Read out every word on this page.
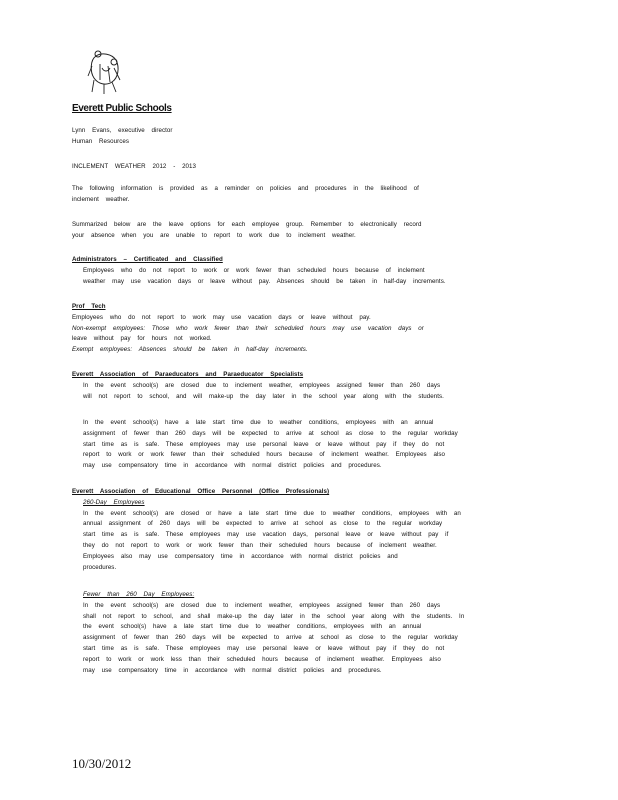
Everett Public Schools
Lynn Evans, executive director
Human Resources
INCLEMENT WEATHER 2012 - 2013
The following information is provided as a reminder on policies and procedures in the likelihood of
inclement weather.
Summarized below are the leave options for each employee group. Remember to electronically record
your absence when you are unable to report to work due to inclement weather.
Administrators – Certificated and Classified
Employees who do not report to work or work fewer than scheduled hours because of inclement
weather may use vacation days or leave without pay. Absences should be taken in half-day increments.
Prof Tech
Employees who do not report to work may use vacation days or leave without pay.
Non-exempt employees: Those who work fewer than their scheduled hours may use vacation days or
leave without pay for hours not worked.
Exempt employees: Absences should be taken in half-day increments.
Everett Association of Paraeducators and Paraeducator Specialists
In the event school(s) are closed due to inclement weather, employees assigned fewer than 260 days
will not report to school, and will make-up the day later in the school year along with the students.
In the event school(s) have a late start time due to weather conditions, employees with an annual
assignment of fewer than 260 days will be expected to arrive at school as close to the regular workday
start time as is safe. These employees may use personal leave or leave without pay if they do not
report to work or work fewer than their scheduled hours because of inclement weather. Employees also
may use compensatory time in accordance with normal district policies and procedures.
Everett Association of Educational Office Personnel (Office Professionals)
260-Day Employees
In the event school(s) are closed or have a late start time due to weather conditions, employees with an
annual assignment of 260 days will be expected to arrive at school as close to the regular workday
start time as is safe. These employees may use vacation days, personal leave or leave without pay if
they do not report to work or work fewer than their scheduled hours because of inclement weather.
Employees also may use compensatory time in accordance with normal district policies and
procedures.
Fewer than 260 Day Employees:
In the event school(s) are closed due to inclement weather, employees assigned fewer than 260 days
shall not report to school, and shall make-up the day later in the school year along with the students. In
the event school(s) have a late start time due to weather conditions, employees with an annual
assignment of fewer than 260 days will be expected to arrive at school as close to the regular workday
start time as is safe. These employees may use personal leave or leave without pay if they do not
report to work or work less than their scheduled hours because of inclement weather. Employees also
may use compensatory time in accordance with normal district policies and procedures.
10/30/2012
